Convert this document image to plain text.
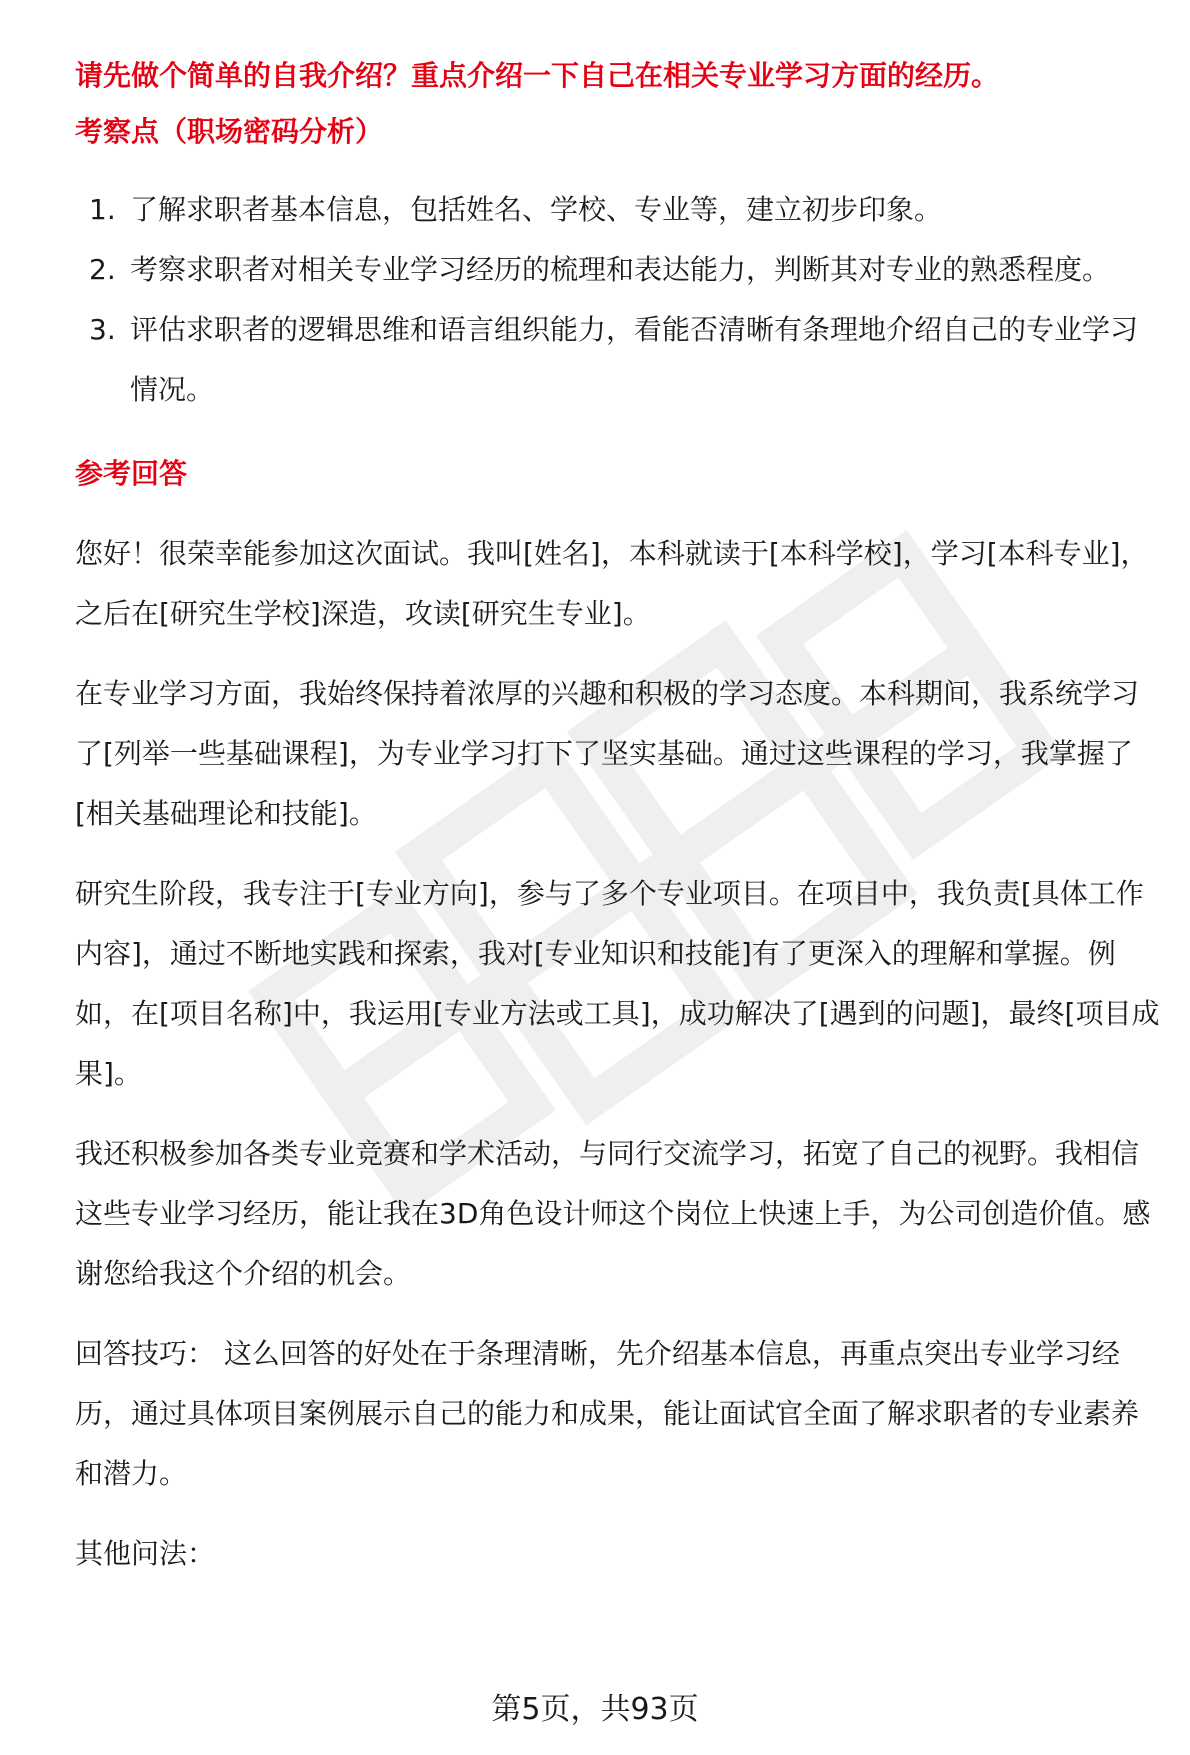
请先做个简单的自我介绍？重点介绍一下自己在相关专业学习方面的经历。

考察点（职场密码分析）

1. 了解求职者基本信息，包括姓名、学校、专业等，建立初步印象。
2. 考察求职者对相关专业学习经历的梳理和表达能力，判断其对专业的熟悉程度。
3. 评估求职者的逻辑思维和语言组织能力，看能否清晰有条理地介绍自己的专业学习情况。

参考回答

您好！很荣幸能参加这次面试。我叫[姓名]，本科就读于[本科学校]，学习[本科专业]，之后在[研究生学校]深造，攻读[研究生专业]。

在专业学习方面，我始终保持着浓厚的兴趣和积极的学习态度。本科期间，我系统学习了[列举一些基础课程]，为专业学习打下了坚实基础。通过这些课程的学习，我掌握了[相关基础理论和技能]。

研究生阶段，我专注于[专业方向]，参与了多个专业项目。在项目中，我负责[具体工作内容]，通过不断地实践和探索，我对[专业知识和技能]有了更深入的理解和掌握。例如，在[项目名称]中，我运用[专业方法或工具]，成功解决了[遇到的问题]，最终[项目成果]。

我还积极参加各类专业竞赛和学术活动，与同行交流学习，拓宽了自己的视野。我相信这些专业学习经历，能让我在3D角色设计师这个岗位上快速上手，为公司创造价值。感谢您给我这个介绍的机会。

回答技巧： 这么回答的好处在于条理清晰，先介绍基本信息，再重点突出专业学习经历，通过具体项目案例展示自己的能力和成果，能让面试官全面了解求职者的专业素养和潜力。

其他问法：

第5页，共93页
